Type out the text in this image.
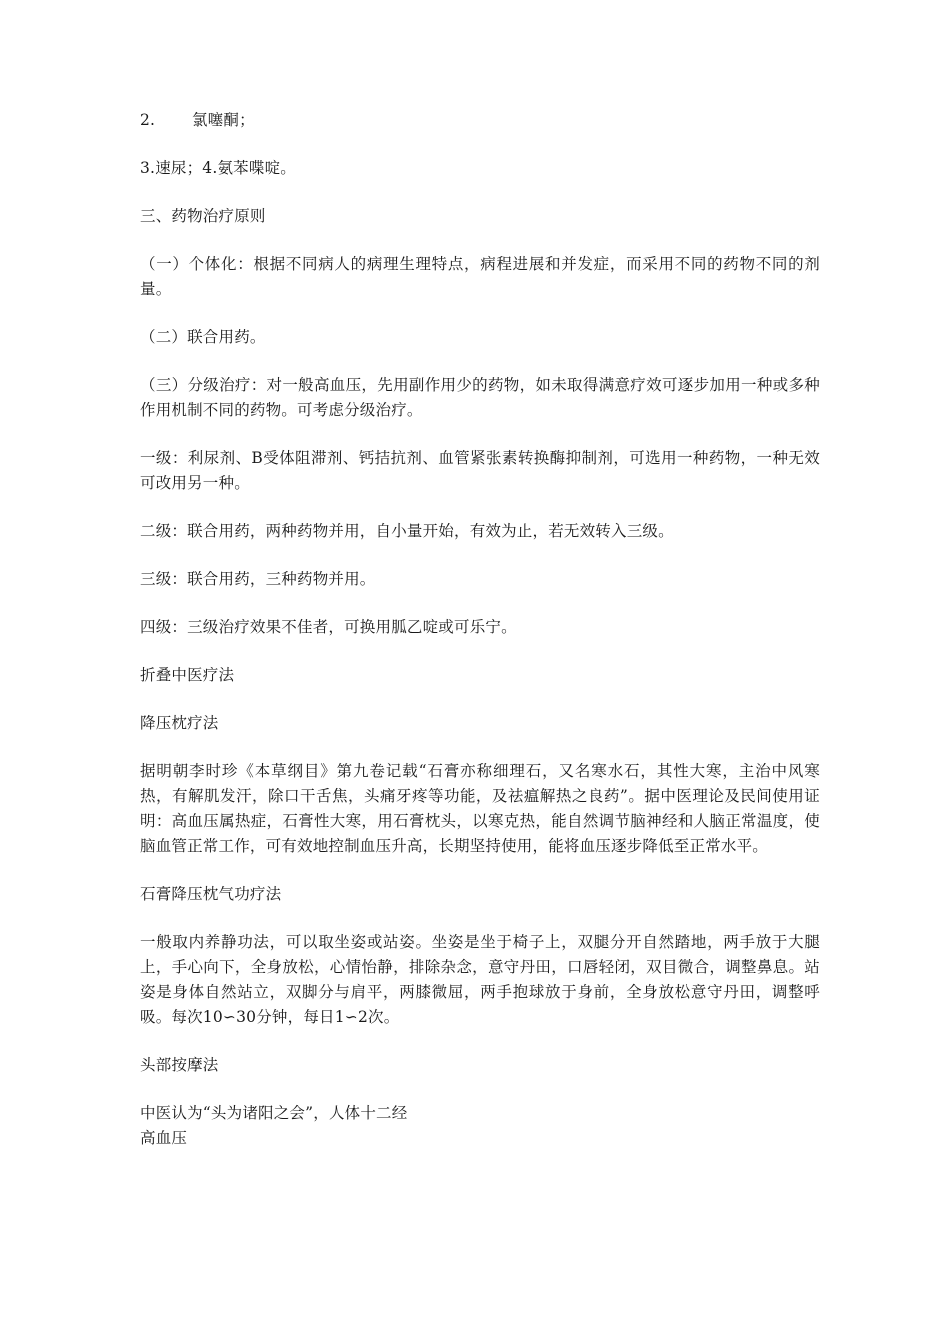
2.	氯噻酮；

3.速尿；4.氨苯喋啶。

三、药物治疗原则

（一）个体化：根据不同病人的病理生理特点，病程进展和并发症，而采用不同的药物不同的剂量。

（二）联合用药。

（三）分级治疗：对一般高血压，先用副作用少的药物，如未取得满意疗效可逐步加用一种或多种作用机制不同的药物。可考虑分级治疗。

一级：利尿剂、B受体阻滞剂、钙拮抗剂、血管紧张素转换酶抑制剂，可选用一种药物，一种无效可改用另一种。

二级：联合用药，两种药物并用，自小量开始，有效为止，若无效转入三级。

三级：联合用药，三种药物并用。

四级：三级治疗效果不佳者，可换用胍乙啶或可乐宁。

折叠中医疗法

降压枕疗法

据明朝李时珍《本草纲目》第九卷记载“石膏亦称细理石，又名寒水石，其性大寒，主治中风寒热，有解肌发汗，除口干舌焦，头痛牙疼等功能，及祛瘟解热之良药”。据中医理论及民间使用证明：高血压属热症，石膏性大寒，用石膏枕头，以寒克热，能自然调节脑神经和人脑正常温度，使脑血管正常工作，可有效地控制血压升高，长期坚持使用，能将血压逐步降低至正常水平。

石膏降压枕气功疗法

一般取内养静功法，可以取坐姿或站姿。坐姿是坐于椅子上，双腿分开自然踏地，两手放于大腿上，手心向下，全身放松，心情怡静，排除杂念，意守丹田，口唇轻闭，双目微合，调整鼻息。站姿是身体自然站立，双脚分与肩平，两膝微屈，两手抱球放于身前，全身放松意守丹田，调整呼吸。每次10∽30分钟，每日1∽2次。

头部按摩法

中医认为“头为诸阳之会”，人体十二经

高血压
